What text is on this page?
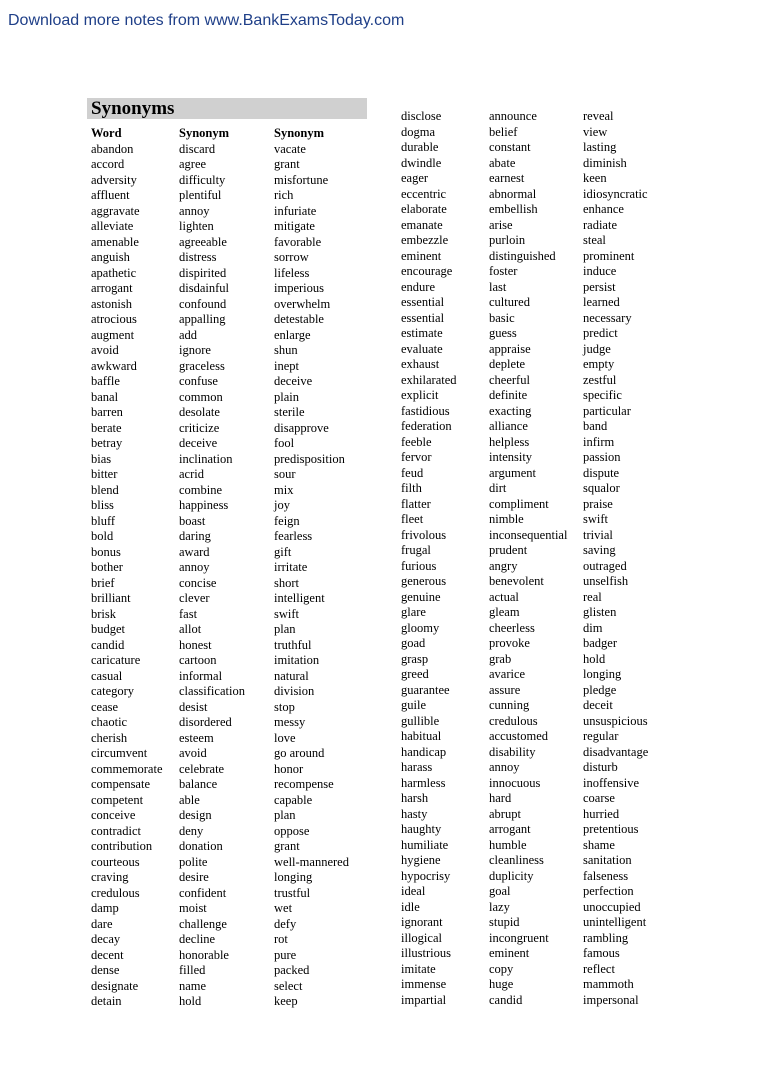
Download more notes from www.BankExamsToday.com
Synonyms
Word	Synonym	Synonym
abandon	discard	vacate
accord	agree	grant
adversity	difficulty	misfortune
affluent	plentiful	rich
aggravate	annoy	infuriate
alleviate	lighten	mitigate
amenable	agreeable	favorable
anguish	distress	sorrow
apathetic	dispirited	lifeless
arrogant	disdainful	imperious
astonish	confound	overwhelm
atrocious	appalling	detestable
augment	add	enlarge
avoid	ignore	shun
awkward	graceless	inept
baffle	confuse	deceive
banal	common	plain
barren	desolate	sterile
berate	criticize	disapprove
betray	deceive	fool
bias	inclination	predisposition
bitter	acrid	sour
blend	combine	mix
bliss	happiness	joy
bluff	boast	feign
bold	daring	fearless
bonus	award	gift
bother	annoy	irritate
brief	concise	short
brilliant	clever	intelligent
brisk	fast	swift
budget	allot	plan
candid	honest	truthful
caricature	cartoon	imitation
casual	informal	natural
category	classification	division
cease	desist	stop
chaotic	disordered	messy
cherish	esteem	love
circumvent	avoid	go around
commemorate	celebrate	honor
compensate	balance	recompense
competent	able	capable
conceive	design	plan
contradict	deny	oppose
contribution	donation	grant
courteous	polite	well-mannered
craving	desire	longing
credulous	confident	trustful
damp	moist	wet
dare	challenge	defy
decay	decline	rot
decent	honorable	pure
dense	filled	packed
designate	name	select
detain	hold	keep
disclose	announce	reveal
dogma	belief	view
durable	constant	lasting
dwindle	abate	diminish
eager	earnest	keen
eccentric	abnormal	idiosyncratic
elaborate	embellish	enhance
emanate	arise	radiate
embezzle	purloin	steal
eminent	distinguished	prominent
encourage	foster	induce
endure	last	persist
essential	cultured	learned
essential	basic	necessary
estimate	guess	predict
evaluate	appraise	judge
exhaust	deplete	empty
exhilarated	cheerful	zestful
explicit	definite	specific
fastidious	exacting	particular
federation	alliance	band
feeble	helpless	infirm
fervor	intensity	passion
feud	argument	dispute
filth	dirt	squalor
flatter	compliment	praise
fleet	nimble	swift
frivolous	inconsequential	trivial
frugal	prudent	saving
furious	angry	outraged
generous	benevolent	unselfish
genuine	actual	real
glare	gleam	glisten
gloomy	cheerless	dim
goad	provoke	badger
grasp	grab	hold
greed	avarice	longing
guarantee	assure	pledge
guile	cunning	deceit
gullible	credulous	unsuspicious
habitual	accustomed	regular
handicap	disability	disadvantage
harass	annoy	disturb
harmless	innocuous	inoffensive
harsh	hard	coarse
hasty	abrupt	hurried
haughty	arrogant	pretentious
humiliate	humble	shame
hygiene	cleanliness	sanitation
hypocrisy	duplicity	falseness
ideal	goal	perfection
idle	lazy	unoccupied
ignorant	stupid	unintelligent
illogical	incongruent	rambling
illustrious	eminent	famous
imitate	copy	reflect
immense	huge	mammoth
impartial	candid	impersonal
